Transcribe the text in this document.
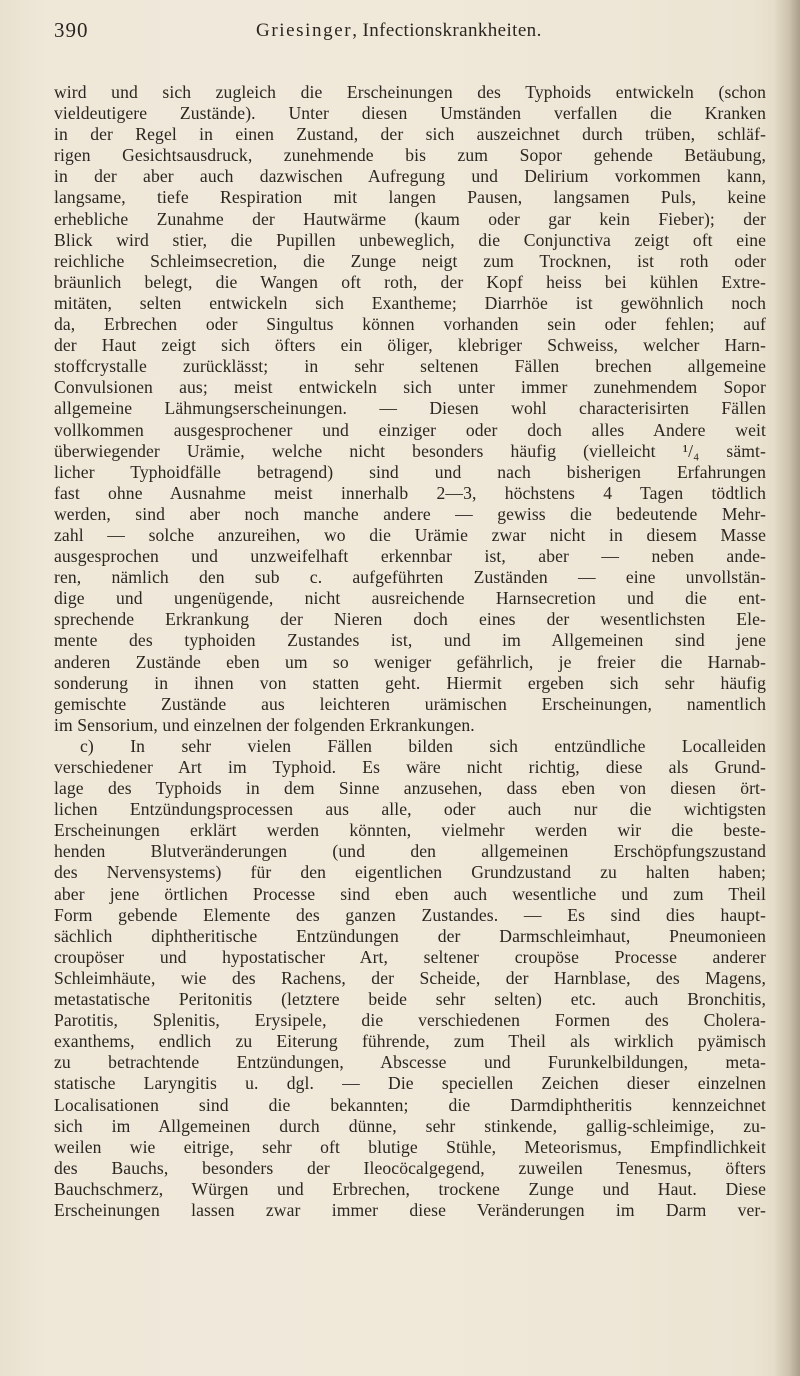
390	Griesinger, Infectionskrankheiten.
wird und sich zugleich die Erscheinungen des Typhoids entwickeln (schon
vieldeutigere Zustände). Unter diesen Umständen verfallen die Kranken
in der Regel in einen Zustand, der sich auszeichnet durch trüben, schläf-
rigen Gesichtsausdruck, zunehmende bis zum Sopor gehende Betäubung,
in der aber auch dazwischen Aufregung und Delirium vorkommen kann,
langsame, tiefe Respiration mit langen Pausen, langsamen Puls, keine
erhebliche Zunahme der Hautwärme (kaum oder gar kein Fieber); der
Blick wird stier, die Pupillen unbeweglich, die Conjunctiva zeigt oft eine
reichliche Schleimsecretion, die Zunge neigt zum Trocknen, ist roth oder
bräunlich belegt, die Wangen oft roth, der Kopf heiss bei kühlen Extre-
mitäten, selten entwickeln sich Exantheme; Diarrhöe ist gewöhnlich noch
da, Erbrechen oder Singultus können vorhanden sein oder fehlen; auf
der Haut zeigt sich öfters ein öliger, klebriger Schweiss, welcher Harn-
stoffcrystalle zurücklässt; in sehr seltenen Fällen brechen allgemeine
Convulsionen aus; meist entwickeln sich unter immer zunehmendem Sopor
allgemeine Lähmungserscheinungen. — Diesen wohl characterisirten Fällen
vollkommen ausgesprochener und einziger oder doch alles Andere weit
überwiegender Urämie, welche nicht besonders häufig (vielleicht ¹/₄ sämt-
licher Typhoidfälle betragend) sind und nach bisherigen Erfahrungen
fast ohne Ausnahme meist innerhalb 2—3, höchstens 4 Tagen tödtlich
werden, sind aber noch manche andere — gewiss die bedeutende Mehr-
zahl — solche anzureihen, wo die Urämie zwar nicht in diesem Masse
ausgesprochen und unzweifelhaft erkennbar ist, aber — neben ande-
ren, nämlich den sub c. aufgeführten Zuständen — eine unvollstän-
dige und ungenügende, nicht ausreichende Harnsecretion und die ent-
sprechende Erkrankung der Nieren doch eines der wesentlichsten Ele-
mente des typhoiden Zustandes ist, und im Allgemeinen sind jene
anderen Zustände eben um so weniger gefährlich, je freier die Harnab-
sonderung in ihnen von statten geht. Hiermit ergeben sich sehr häufig
gemischte Zustände aus leichteren urämischen Erscheinungen, namentlich
im Sensorium, und einzelnen der folgenden Erkrankungen.
c) In sehr vielen Fällen bilden sich entzündliche Localleiden
verschiedener Art im Typhoid. Es wäre nicht richtig, diese als Grund-
lage des Typhoids in dem Sinne anzusehen, dass eben von diesen ört-
lichen Entzündungsprocessen aus alle, oder auch nur die wichtigsten
Erscheinungen erklärt werden könnten, vielmehr werden wir die beste-
henden Blutveränderungen (und den allgemeinen Erschöpfungszustand
des Nervensystems) für den eigentlichen Grundzustand zu halten haben;
aber jene örtlichen Processe sind eben auch wesentliche und zum Theil
Form gebende Elemente des ganzen Zustandes. — Es sind dies haupt-
sächlich diphtheritische Entzündungen der Darmschleimhaut, Pneumonieen
croupöser und hypostatischer Art, seltener croupöse Processe anderer
Schleimhäute, wie des Rachens, der Scheide, der Harnblase, des Magens,
metastatische Peritonitis (letztere beide sehr selten) etc. auch Bronchitis,
Parotitis, Splenitis, Erysipele, die verschiedenen Formen des Cholera-
exanthems, endlich zu Eiterung führende, zum Theil als wirklich pyämisch
zu betrachtende Entzündungen, Abscesse und Furunkelbildungen, meta-
statische Laryngitis u. dgl. — Die speciellen Zeichen dieser einzelnen
Localisationen sind die bekannten; die Darmdiphtheritis kennzeichnet
sich im Allgemeinen durch dünne, sehr stinkende, gallig-schleimige, zu-
weilen wie eitrige, sehr oft blutige Stühle, Meteorismus, Empfindlichkeit
des Bauchs, besonders der Ileocöcalgegend, zuweilen Tenesmus, öfters
Bauchschmerz, Würgen und Erbrechen, trockene Zunge und Haut. Diese
Erscheinungen lassen zwar immer diese Veränderungen im Darm ver-
